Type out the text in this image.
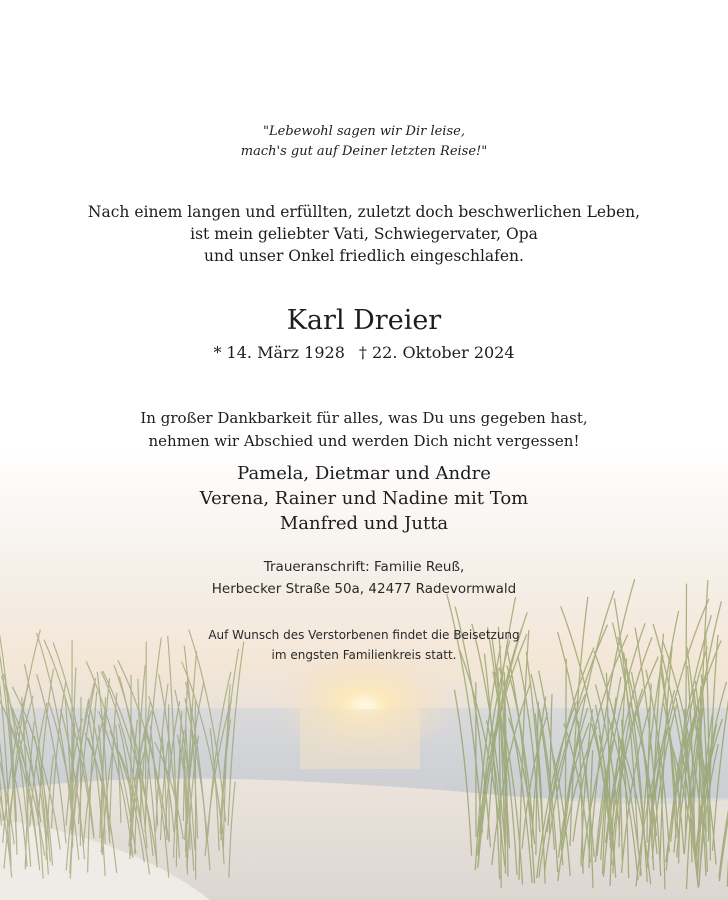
"Lebewohl sagen wir Dir leise,
mach's gut auf Deiner letzten Reise!"
Nach einem langen und erfüllten, zuletzt doch beschwerlichen Leben,
ist mein geliebter Vati, Schwiegervater, Opa
und unser Onkel friedlich eingeschlafen.
Karl Dreier
* 14. März 1928 † 22. Oktober 2024
In großer Dankbarkeit für alles, was Du uns gegeben hast,
nehmen wir Abschied und werden Dich nicht vergessen!
Pamela, Dietmar und Andre
Verena, Rainer und Nadine mit Tom
Manfred und Jutta
Traueranschrift: Familie Reuß,
Herbecker Straße 50a, 42477 Radevormwald
Auf Wunsch des Verstorbenen findet die Beisetzung
im engsten Familienkreis statt.
